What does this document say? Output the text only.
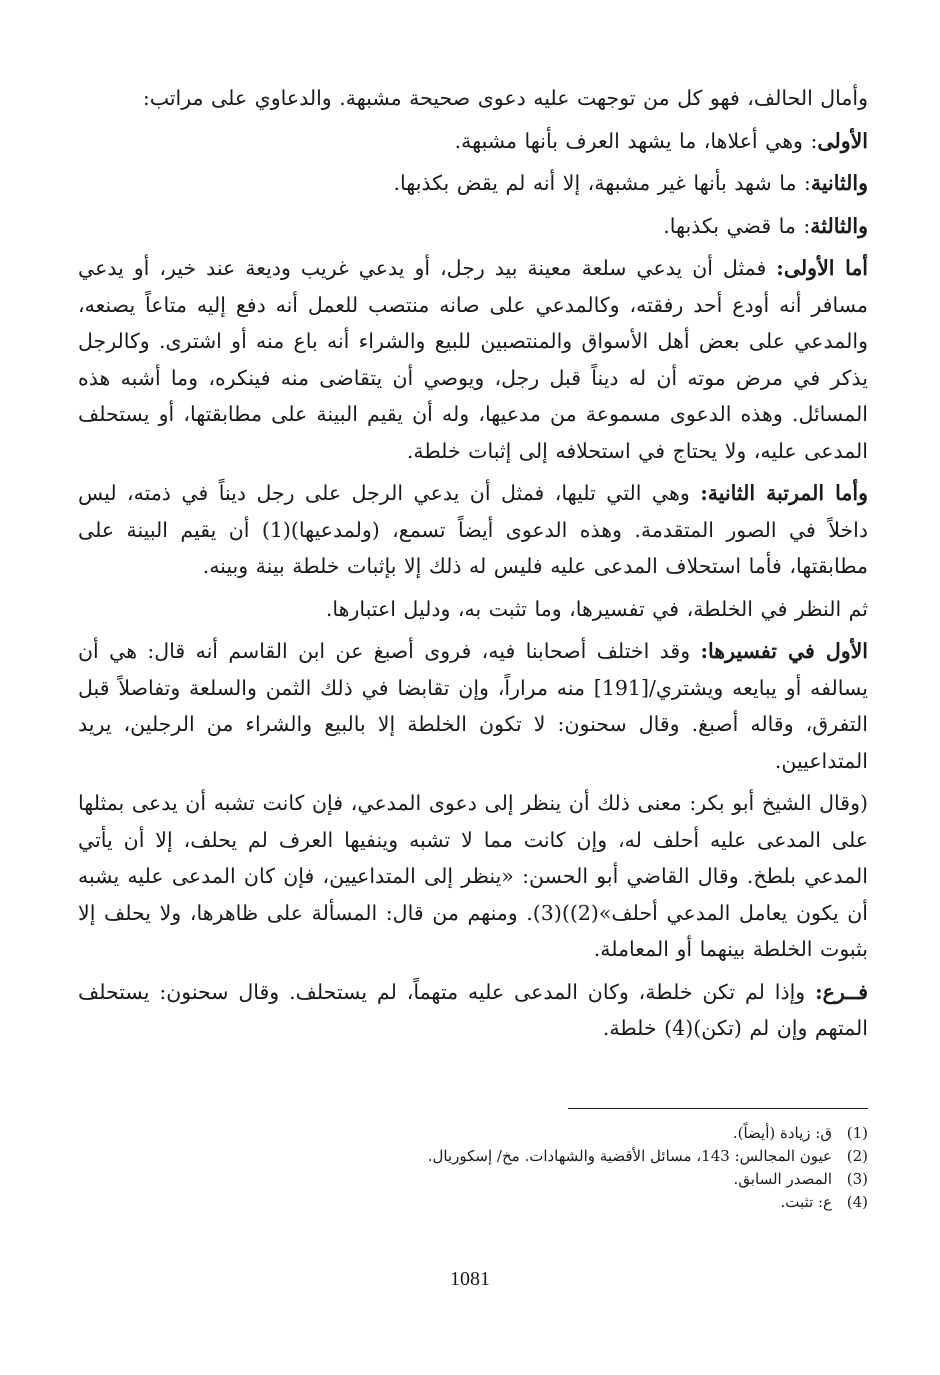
وأمال الحالف، فهو كل من توجهت عليه دعوى صحيحة مشبهة. والدعاوي على مراتب:

الأولى: وهي أعلاها، ما يشهد العرف بأنها مشبهة.

والثانية: ما شهد بأنها غير مشبهة، إلا أنه لم يقض بكذبها.

والثالثة: ما قضي بكذبها.

أما الأولى: فمثل أن يدعي سلعة معينة بيد رجل، أو يدعي غريب وديعة عند خير، أو يدعي مسافر أنه أودع أحد رفقته، وكالمدعي على صانه منتصب للعمل أنه دفع إليه متاعاً يصنعه، والمدعي على بعض أهل الأسواق والمنتصبين للبيع والشراء أنه باع منه أو اشترى. وكالرجل يذكر في مرض موته أن له ديناً قبل رجل، ويوصي أن يتقاضى منه فينكره، وما أشبه هذه المسائل. وهذه الدعوى مسموعة من مدعيها، وله أن يقيم البينة على مطابقتها، أو يستحلف المدعى عليه، ولا يحتاج في استحلافه إلى إثبات خلطة.

وأما المرتبة الثانية: وهي التي تليها، فمثل أن يدعي الرجل على رجل ديناً في ذمته، ليس داخلاً في الصور المتقدمة. وهذه الدعوى أيضاً تسمع، (ولمدعيها)(1) أن يقيم البينة على مطابقتها، فأما استحلاف المدعى عليه فليس له ذلك إلا بإثبات خلطة بينة وبينه.

ثم النظر في الخلطة، في تفسيرها، وما تثبت به، ودليل اعتبارها.

الأول في تفسيرها: وقد اختلف أصحابنا فيه، فروى أصبغ عن ابن القاسم أنه قال: هي أن يسالفه أو يبايعه ويشتري/[191] منه مراراً، وإن تقابضا في ذلك الثمن والسلعة وتفاصلاً قبل التفرق، وقاله أصبغ. وقال سحنون: لا تكون الخلطة إلا بالبيع والشراء من الرجلين، يريد المتداعيين.

(وقال الشيخ أبو بكر: معنى ذلك أن ينظر إلى دعوى المدعي، فإن كانت تشبه أن يدعى بمثلها على المدعى عليه أحلف له، وإن كانت مما لا تشبه وينفيها العرف لم يحلف، إلا أن يأتي المدعي بلطخ. وقال القاضي أبو الحسن: «ينظر إلى المتداعيين، فإن كان المدعى عليه يشبه أن يكون يعامل المدعي أحلف»(2))(3). ومنهم من قال: المسألة على ظاهرها، ولا يحلف إلا بثبوت الخلطة بينهما أو المعاملة.

فــرع: وإذا لم تكن خلطة، وكان المدعى عليه متهماً، لم يستحلف. وقال سحنون: يستحلف المتهم وإن لم (تكن)(4) خلطة.

(1)ق: زيادة (أيضاً).
(2)عيون المجالس: 143، مسائل الأقضية والشهادات. مخ/ إسكوريال.
(3)المصدر السابق.
(4)ع: تثبت.
1081
